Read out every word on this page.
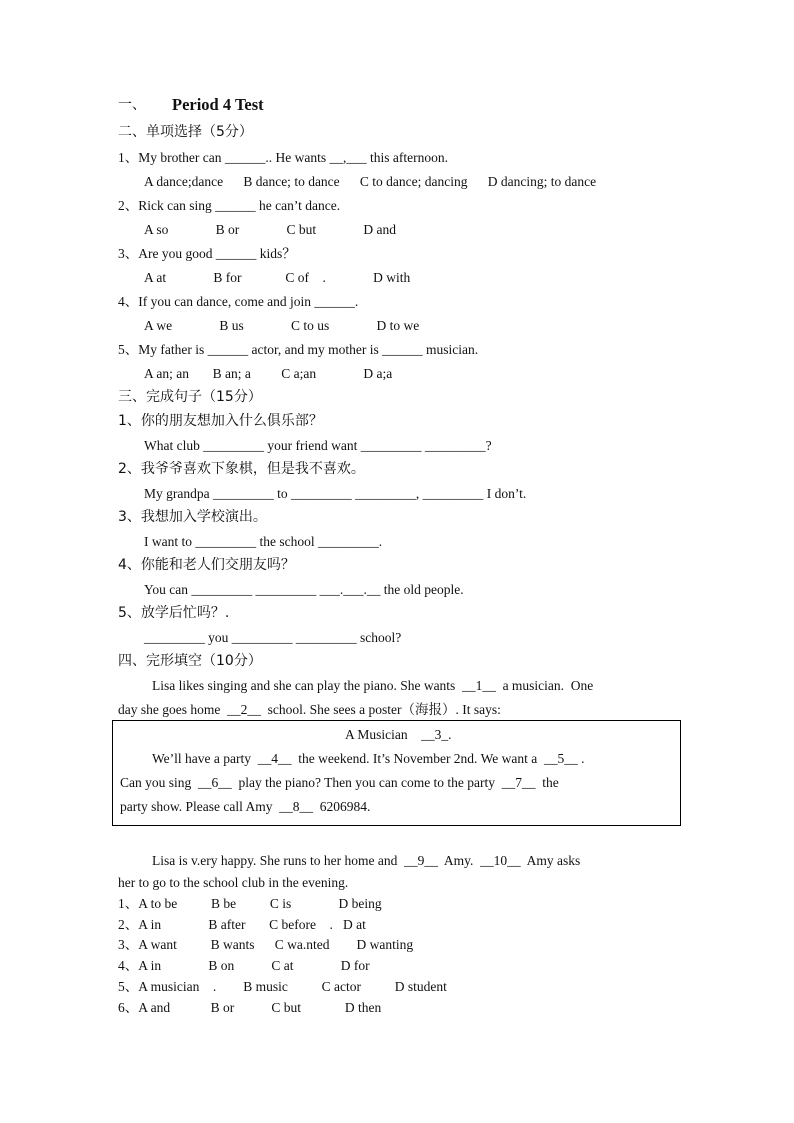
一、 Period 4 Test
二、单项选择（5分）
1、My brother can ______.. He wants __,___ this afternoon.
A dance;dance      B dance; to dance      C to dance; dancing      D dancing; to dance
2、Rick can sing ______ he can’t dance.
A so              B or              C but              D and
3、Are you good ______ kids？
A at              B for             C of    .              D with
4、If you can dance, come and join ______.
A we              B us              C to us              D to we
5、My father is ______ actor, and my mother is ______ musician.
A an; an       B an; a         C a;an              D a;a
三、完成句子（15分）
1、你的朋友想加入什么俱乐部？
What club _________ your friend want _________ _________?
2、我爷爷喜欢下象棋，但是我不喜欢。
My grandpa _________ to _________ _________, _________ I don’t.
3、我想加入学校演出。
I want to _________ the school _________.
4、你能和老人们交朋友吗？
You can _________ _________ ___.___.__ the old people.
5、放学后忙吗？.
_________ you _________ _________ school?
四、完形填空（10分）
Lisa likes singing and she can play the piano. She wants  __1__  a musician.  One
day she goes home  __2__  school. She sees a poster（海报）. It says:
A Musician    __3_.
We’ll have a party  __4__  the weekend. It’s November 2nd. We want a  __5__ .
Can you sing  __6__  play the piano? Then you can come to the party  __7__  the
party show. Please call Amy  __8__  6206984.
Lisa is v.ery happy. She runs to her home and  __9__  Amy.  __10__  Amy asks
her to go to the school club in the evening.
1、A to be          B be          C is              D being
2、A in              B after       C before    .   D at
3、A want          B wants      C wa.nted        D wanting
4、A in              B on           C at              D for
5、A musician    .        B music          C actor          D student
6、A and            B or           C but             D then
